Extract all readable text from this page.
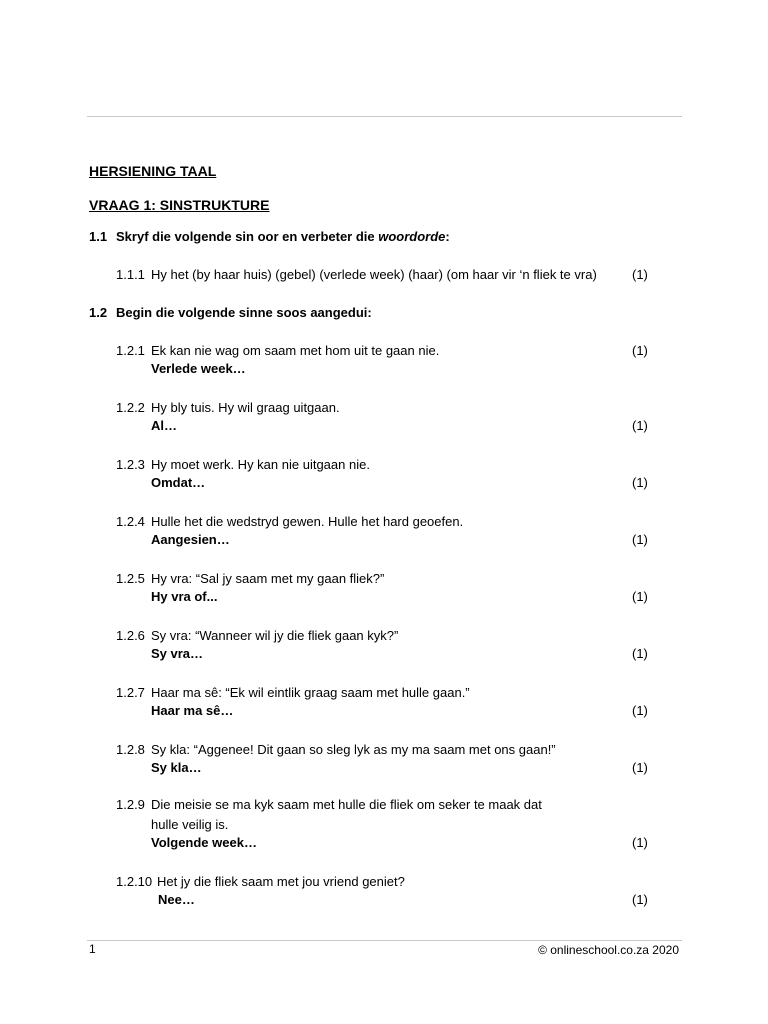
HERSIENING TAAL
VRAAG 1: SINSTRUKTURE
1.1 Skryf die volgende sin oor en verbeter die woordorde:
1.1.1 Hy het (by haar huis) (gebel) (verlede week) (haar) (om haar vir ‘n fliek te vra)	(1)
1.2 Begin die volgende sinne soos aangedui:
1.2.1 Ek kan nie wag om saam met hom uit te gaan nie.	(1)
Verlede week…
1.2.2 Hy bly tuis. Hy wil graag uitgaan.
Al…	(1)
1.2.3 Hy moet werk. Hy kan nie uitgaan nie.
Omdat…	(1)
1.2.4 Hulle het die wedstryd gewen. Hulle het hard geoefen.
Aangesien…	(1)
1.2.5 Hy vra: “Sal jy saam met my gaan fliek?”
Hy vra of...	(1)
1.2.6 Sy vra: “Wanneer wil jy die fliek gaan kyk?”
Sy vra…	(1)
1.2.7 Haar ma sê: “Ek wil eintlik graag saam met hulle gaan.”
Haar ma sê…	(1)
1.2.8 Sy kla: “Aggenee! Dit gaan so sleg lyk as my ma saam met ons gaan!”
Sy kla…	(1)
1.2.9 Die meisie se ma kyk saam met hulle die fliek om seker te maak dat
hulle veilig is.
Volgende week…	(1)
1.2.10 Het jy die fliek saam met jou vriend geniet?
Nee…	(1)
1	© onlineschool.co.za 2020
